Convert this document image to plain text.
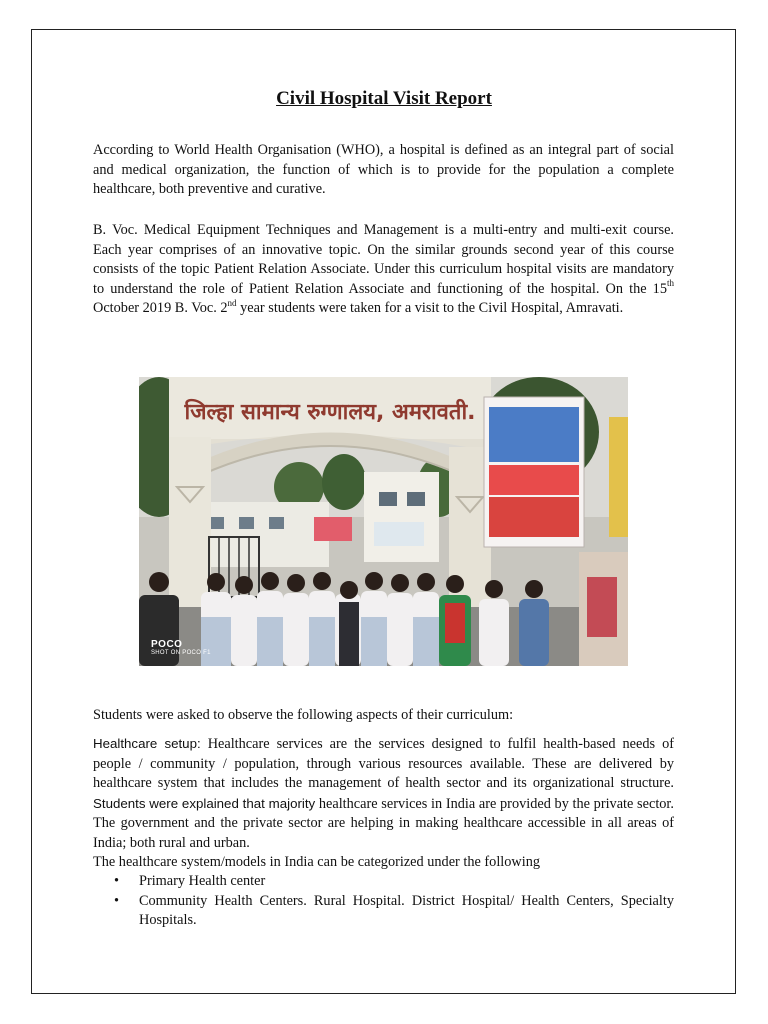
Civil Hospital Visit Report
According to World Health Organisation (WHO), a hospital is defined as an integral part of social and medical organization, the function of which is to provide for the population a complete healthcare, both preventive and curative.
B. Voc. Medical Equipment Techniques and Management is a multi-entry and multi-exit course. Each year comprises of an innovative topic. On the similar grounds second year of this course consists of the topic Patient Relation Associate. Under this curriculum hospital visits are mandatory to understand the role of Patient Relation Associate and functioning of the hospital. On the 15th October 2019 B. Voc. 2nd year students were taken for a visit to the Civil Hospital, Amravati.
जिल्हा सामान्य रुग्णालय, अमरावती.
POCO
SHOT ON POCO F1
Students were asked to observe the following aspects of their curriculum:
Healthcare setup: Healthcare services are the services designed to fulfil health-based needs of people / community / population, through various resources available. These are delivered by healthcare system that includes the management of health sector and its organizational structure. Students were explained that majority healthcare services in India are provided by the private sector. The government and the private sector are helping in making healthcare accessible in all areas of India; both rural and urban.
The healthcare system/models in India can be categorized under the following
• Primary Health center
• Community Health Centers. Rural Hospital. District Hospital/ Health Centers, Specialty Hospitals.
